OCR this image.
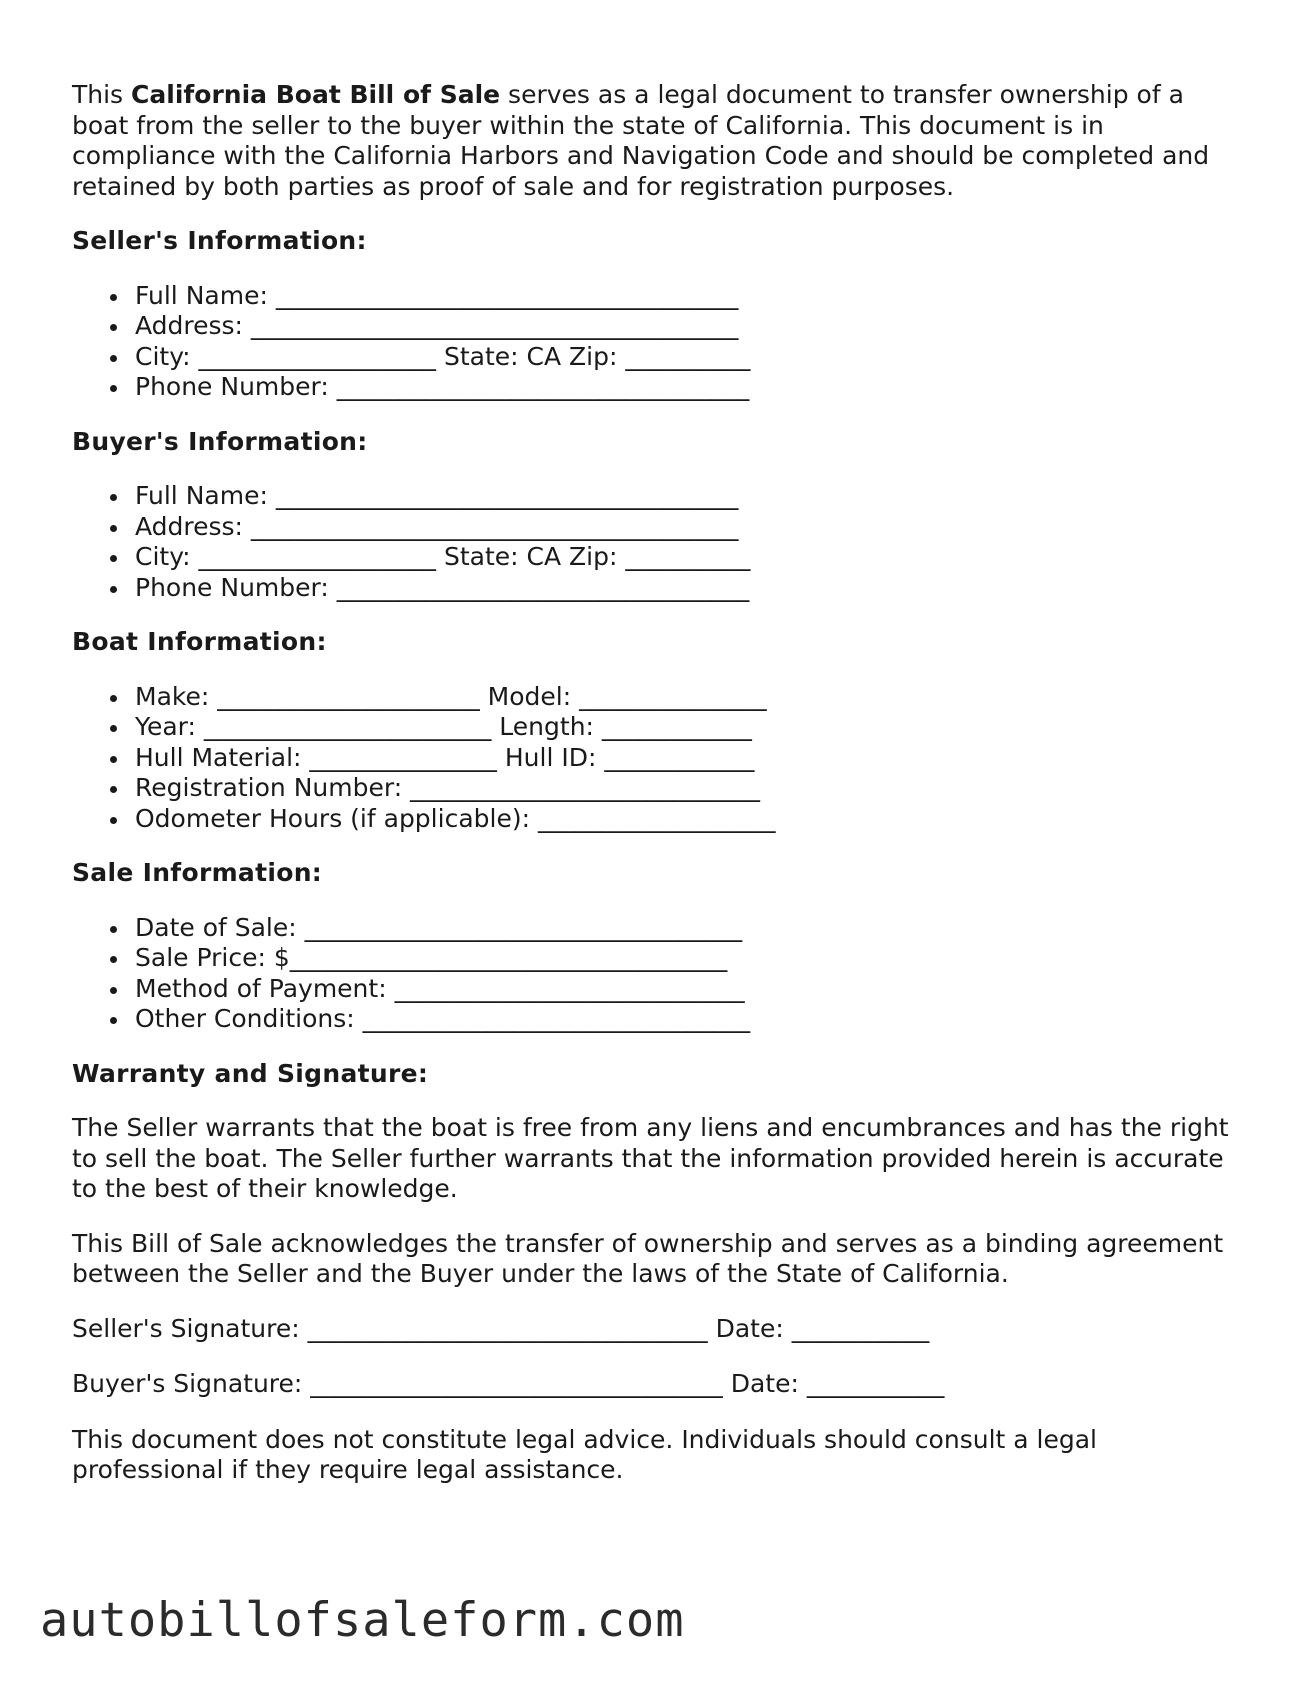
This California Boat Bill of Sale serves as a legal document to transfer ownership of a boat from the seller to the buyer within the state of California. This document is in compliance with the California Harbors and Navigation Code and should be completed and retained by both parties as proof of sale and for registration purposes.

Seller's Information:
Full Name: _____________________________________
Address: _______________________________________
City: ___________________ State: CA Zip: __________
Phone Number: _________________________________
Buyer's Information:
Full Name: _____________________________________
Address: _______________________________________
City: ___________________ State: CA Zip: __________
Phone Number: _________________________________
Boat Information:
Make: _____________________ Model: _______________
Year: _______________________ Length: ____________
Hull Material: _______________ Hull ID: ____________
Registration Number: ____________________________
Odometer Hours (if applicable): ___________________
Sale Information:
Date of Sale: ___________________________________
Sale Price: $___________________________________
Method of Payment: ____________________________
Other Conditions: _______________________________
Warranty and Signature:

The Seller warrants that the boat is free from any liens and encumbrances and has the right to sell the boat. The Seller further warrants that the information provided herein is accurate to the best of their knowledge.

This Bill of Sale acknowledges the transfer of ownership and serves as a binding agreement between the Seller and the Buyer under the laws of the State of California.

Seller's Signature: ________________________________ Date: ___________
Buyer's Signature: _________________________________ Date: ___________

This document does not constitute legal advice. Individuals should consult a legal professional if they require legal assistance.

autobillofsaleform.com
